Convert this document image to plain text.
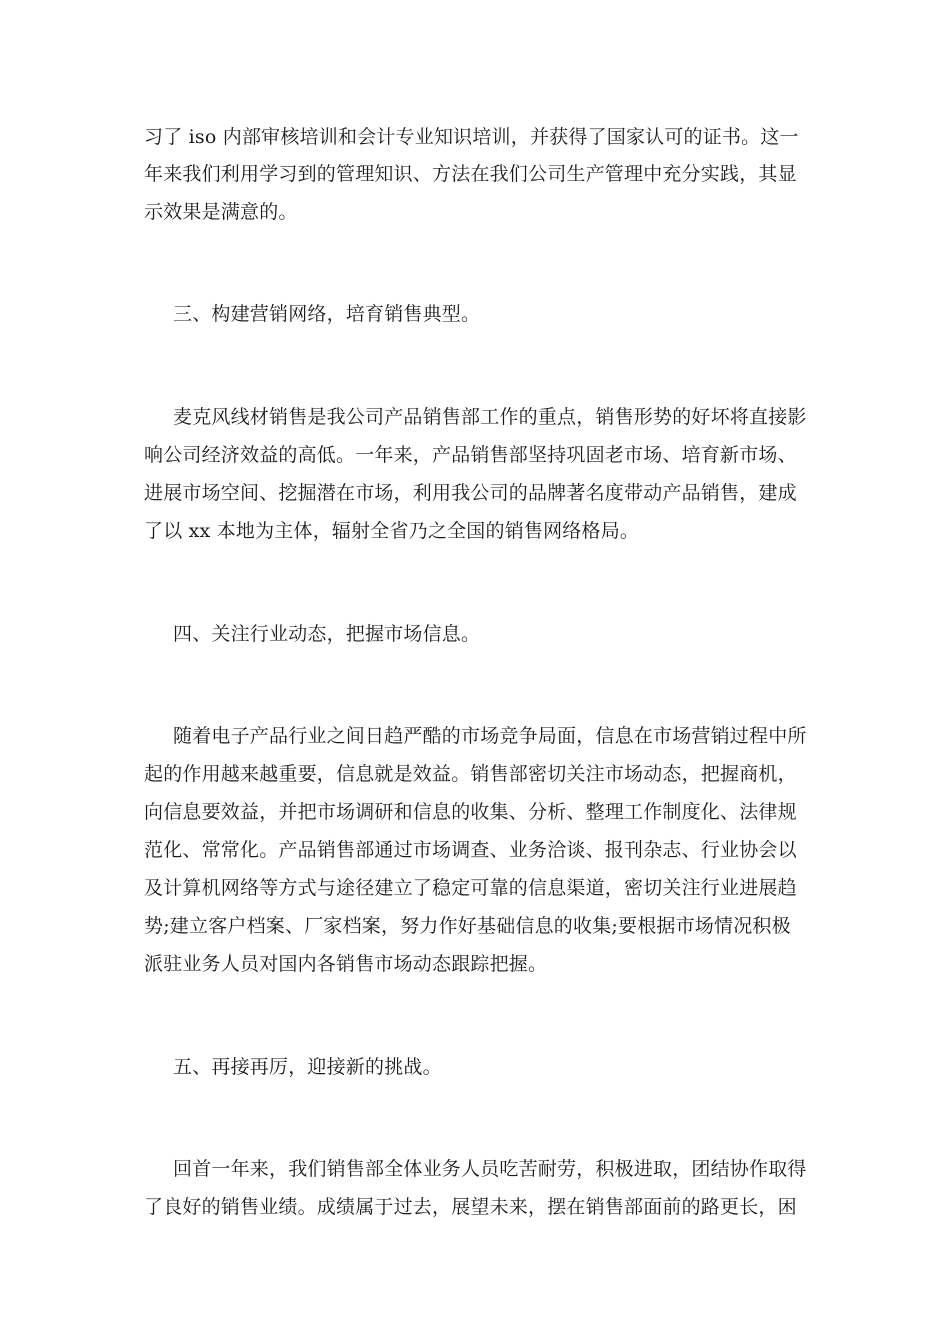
习了 iso 内部审核培训和会计专业知识培训，并获得了国家认可的证书。这一
年来我们利用学习到的管理知识、方法在我们公司生产管理中充分实践，其显
示效果是满意的。
三、构建营销网络，培育销售典型。
麦克风线材销售是我公司产品销售部工作的重点，销售形势的好坏将直接影
响公司经济效益的高低。一年来，产品销售部坚持巩固老市场、培育新市场、
进展市场空间、挖掘潜在市场，利用我公司的品牌著名度带动产品销售，建成
了以 xx 本地为主体，辐射全省乃之全国的销售网络格局。
四、关注行业动态，把握市场信息。
随着电子产品行业之间日趋严酷的市场竞争局面，信息在市场营销过程中所
起的作用越来越重要，信息就是效益。销售部密切关注市场动态，把握商机，
向信息要效益，并把市场调研和信息的收集、分析、整理工作制度化、法律规
范化、常常化。产品销售部通过市场调查、业务洽谈、报刊杂志、行业协会以
及计算机网络等方式与途径建立了稳定可靠的信息渠道，密切关注行业进展趋
势;建立客户档案、厂家档案，努力作好基础信息的收集;要根据市场情况积极
派驻业务人员对国内各销售市场动态跟踪把握。
五、再接再厉，迎接新的挑战。
回首一年来，我们销售部全体业务人员吃苦耐劳，积极进取，团结协作取得
了良好的销售业绩。成绩属于过去，展望未来，摆在销售部面前的路更长，困
